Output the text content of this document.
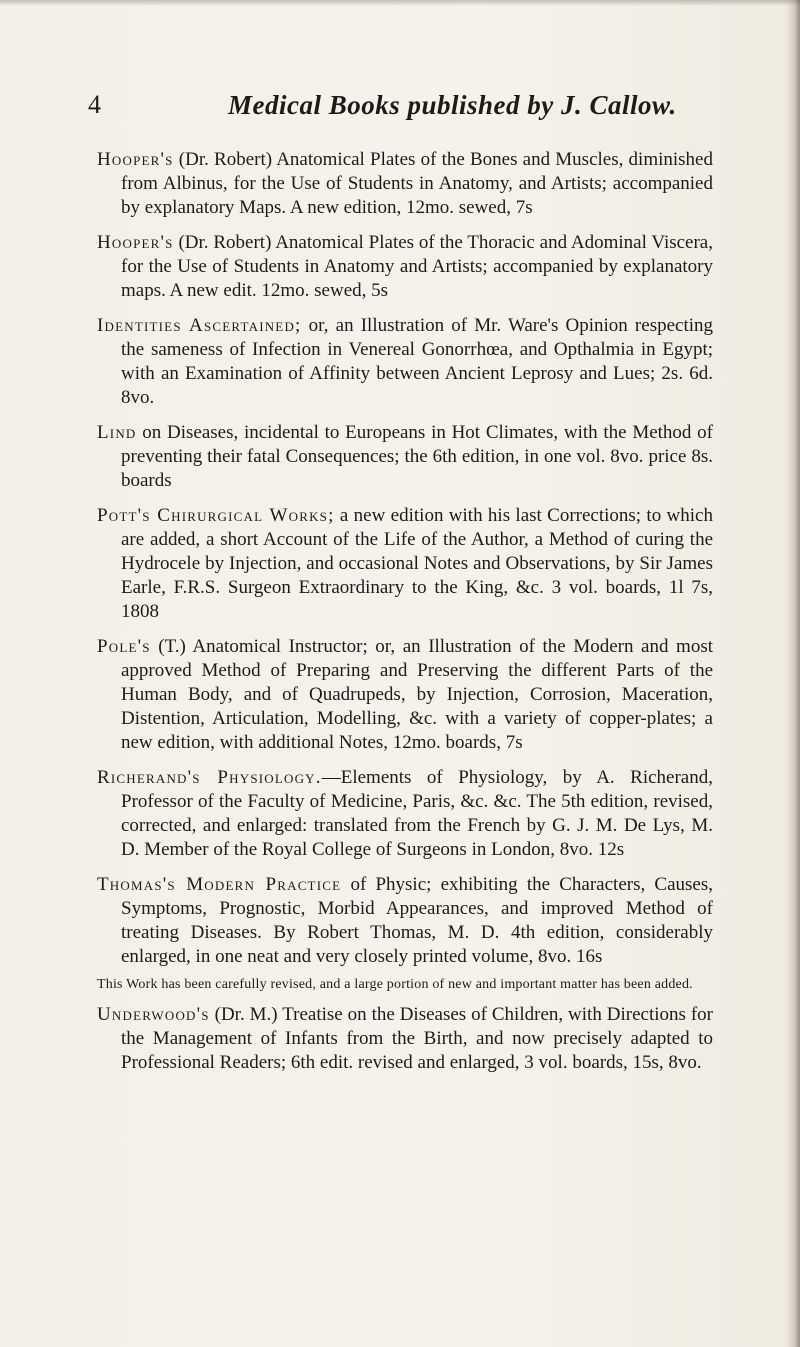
4	Medical Books published by J. Callow.

Hooper's (Dr. Robert) Anatomical Plates of the Bones and Muscles, diminished from Albinus, for the Use of Students in Anatomy, and Artists; accompanied by explanatory Maps. A new edition, 12mo. sewed, 7s

Hooper's (Dr. Robert) Anatomical Plates of the Thoracic and Adominal Viscera, for the Use of Students in Anatomy and Artists; accompanied by explanatory maps. A new edit. 12mo. sewed, 5s

Identities Ascertained; or, an Illustration of Mr. Ware's Opinion respecting the sameness of Infection in Venereal Gonorrhœa, and Opthalmia in Egypt; with an Examination of Affinity between Ancient Leprosy and Lues; 2s. 6d. 8vo.

Lind on Diseases, incidental to Europeans in Hot Climates, with the Method of preventing their fatal Consequences; the 6th edition, in one vol. 8vo. price 8s. boards

Pott's Chirurgical Works; a new edition with his last Corrections; to which are added, a short Account of the Life of the Author, a Method of curing the Hydrocele by Injection, and occasional Notes and Observations, by Sir James Earle, F.R.S. Surgeon Extraordinary to the King, &c. 3 vol. boards, 1l 7s, 1808

Pole's (T.) Anatomical Instructor; or, an Illustration of the Modern and most approved Method of Preparing and Preserving the different Parts of the Human Body, and of Quadrupeds, by Injection, Corrosion, Maceration, Distention, Articulation, Modelling, &c. with a variety of copper-plates; a new edition, with additional Notes, 12mo. boards, 7s

Richerand's Physiology.—Elements of Physiology, by A. Richerand, Professor of the Faculty of Medicine, Paris, &c. &c. The 5th edition, revised, corrected, and enlarged: translated from the French by G. J. M. De Lys, M. D. Member of the Royal College of Surgeons in London, 8vo. 12s

Thomas's Modern Practice of Physic; exhibiting the Characters, Causes, Symptoms, Prognostic, Morbid Appearances, and improved Method of treating Diseases. By Robert Thomas, M. D. 4th edition, considerably enlarged, in one neat and very closely printed volume, 8vo. 16s

This Work has been carefully revised, and a large portion of new and important matter has been added.

Underwood's (Dr. M.) Treatise on the Diseases of Children, with Directions for the Management of Infants from the Birth, and now precisely adapted to Professional Readers; 6th edit. revised and enlarged, 3 vol. boards, 15s, 8vo.
